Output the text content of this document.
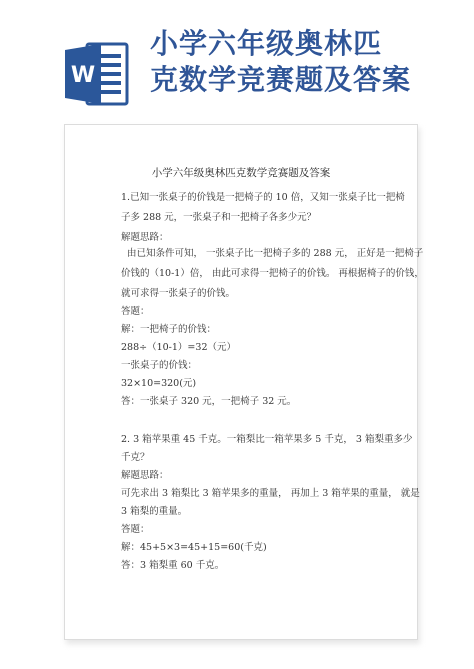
W
小学六年级奥林匹
克数学竞赛题及答案
小学六年级奥林匹克数学竞赛题及答案
1.已知一张桌子的价钱是一把椅子的 10 倍，又知一张桌子比一把椅
子多 288 元，一张桌子和一把椅子各多少元？
解题思路：
由已知条件可知， 一张桌子比一把椅子多的 288 元， 正好是一把椅子
价钱的（10-1）倍， 由此可求得一把椅子的价钱。 再根据椅子的价钱，
就可求得一张桌子的价钱。
答题：
解：一把椅子的价钱：
288÷（10-1）=32（元）
一张桌子的价钱：
32×10=320(元)
答：一张桌子 320 元，一把椅子 32 元。
2. 3 箱苹果重 45 千克。一箱梨比一箱苹果多 5 千克， 3 箱梨重多少
千克？
解题思路：
可先求出 3 箱梨比 3 箱苹果多的重量， 再加上 3 箱苹果的重量， 就是
3 箱梨的重量。
答题：
解：45+5×3=45+15=60(千克)
答：3 箱梨重 60 千克。
